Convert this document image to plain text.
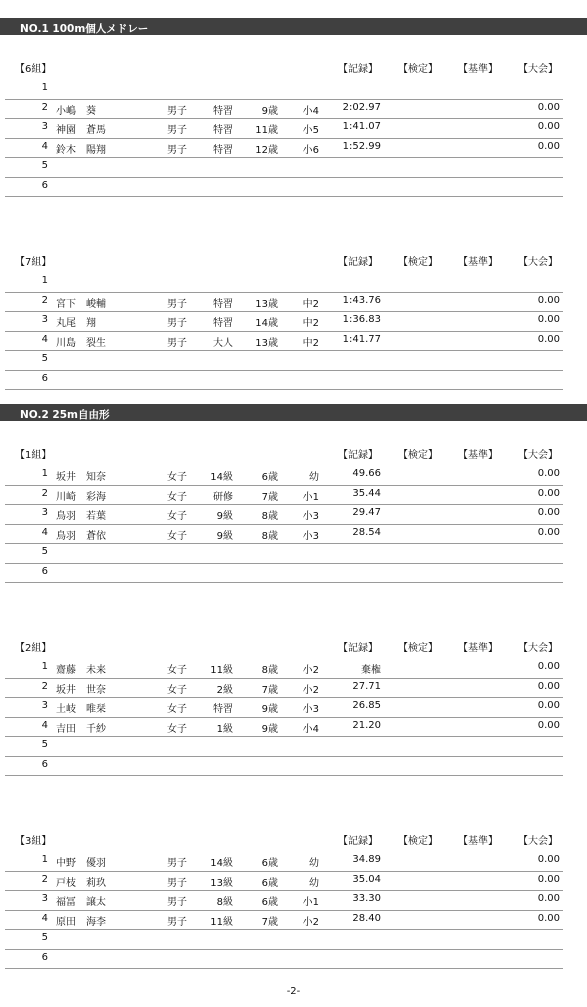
NO.1 100m個人メドレー
【6組】	【記録】 【検定】 【基準】 【大会】
1
2 小嶋　葵	男子	特習	9歳 小4 2:02.97	0.00
3 神園　蒼馬	男子	特習 11歳 小5 1:41.07	0.00
4 鈴木　陽翔	男子	特習 12歳 小6 1:52.99	0.00
5
6
【7組】	【記録】 【検定】 【基準】 【大会】
1
2 宮下　峻輔	男子	特習 13歳 中2 1:43.76	0.00
3 丸尾　翔	男子	特習 14歳 中2 1:36.83	0.00
4 川島　裂生	男子	大人 13歳 中2 1:41.77	0.00
5
6
NO.2 25m自由形
【1組】	【記録】 【検定】 【基準】 【大会】
1 坂井　知奈	女子 14級	6歳	幼	49.66	0.00
2 川崎　彩海	女子	研修	7歳 小1	35.44	0.00
3 鳥羽　若葉	女子	9級	8歳 小3	29.47	0.00
4 鳥羽　蒼依	女子	9級	8歳 小3	28.54	0.00
5
6
【2組】	【記録】 【検定】 【基準】 【大会】
1 齋藤　未来	女子 11級	8歳 小2	棄権	0.00
2 坂井　世奈	女子	2級	7歳 小2	27.71	0.00
3 土岐　唯栞	女子	特習	9歳 小3	26.85	0.00
4 吉田　千紗	女子	1級	9歳 小4	21.20	0.00
5
6
【3組】	【記録】 【検定】 【基準】 【大会】
1 中野　優羽	男子 14級	6歳	幼	34.89	0.00
2 戸枝　莉玖	男子 13級	6歳	幼	35.04	0.00
3 福冨　譲太	男子	8級	6歳 小1	33.30	0.00
4 原田　海李	男子 11級	7歳 小2	28.40	0.00
5
6
-2-
